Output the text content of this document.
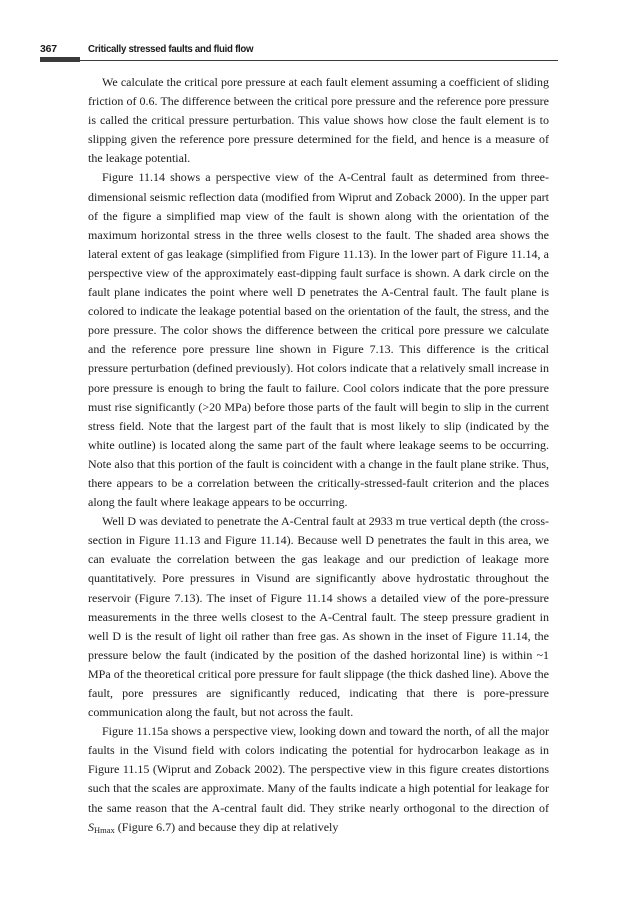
367	Critically stressed faults and fluid flow

We calculate the critical pore pressure at each fault element assuming a coefficient of sliding friction of 0.6. The difference between the critical pore pressure and the reference pore pressure is called the critical pressure perturbation. This value shows how close the fault element is to slipping given the reference pore pressure determined for the field, and hence is a measure of the leakage potential.

Figure 11.14 shows a perspective view of the A-Central fault as determined from three-dimensional seismic reflection data (modified from Wiprut and Zoback 2000). In the upper part of the figure a simplified map view of the fault is shown along with the orientation of the maximum horizontal stress in the three wells closest to the fault. The shaded area shows the lateral extent of gas leakage (simplified from Figure 11.13). In the lower part of Figure 11.14, a perspective view of the approximately east-dipping fault surface is shown. A dark circle on the fault plane indicates the point where well D penetrates the A-Central fault. The fault plane is colored to indicate the leakage potential based on the orientation of the fault, the stress, and the pore pressure. The color shows the difference between the critical pore pressure we calculate and the reference pore pressure line shown in Figure 7.13. This difference is the critical pressure perturbation (defined previously). Hot colors indicate that a relatively small increase in pore pressure is enough to bring the fault to failure. Cool colors indicate that the pore pressure must rise significantly (>20 MPa) before those parts of the fault will begin to slip in the current stress field. Note that the largest part of the fault that is most likely to slip (indicated by the white outline) is located along the same part of the fault where leakage seems to be occurring. Note also that this portion of the fault is coincident with a change in the fault plane strike. Thus, there appears to be a correlation between the critically-stressed-fault criterion and the places along the fault where leakage appears to be occurring.

Well D was deviated to penetrate the A-Central fault at 2933 m true vertical depth (the cross-section in Figure 11.13 and Figure 11.14). Because well D penetrates the fault in this area, we can evaluate the correlation between the gas leakage and our prediction of leakage more quantitatively. Pore pressures in Visund are significantly above hydrostatic throughout the reservoir (Figure 7.13). The inset of Figure 11.14 shows a detailed view of the pore-pressure measurements in the three wells closest to the A-Central fault. The steep pressure gradient in well D is the result of light oil rather than free gas. As shown in the inset of Figure 11.14, the pressure below the fault (indicated by the position of the dashed horizontal line) is within ~1 MPa of the theoretical critical pore pressure for fault slippage (the thick dashed line). Above the fault, pore pressures are significantly reduced, indicating that there is pore-pressure communication along the fault, but not across the fault.

Figure 11.15a shows a perspective view, looking down and toward the north, of all the major faults in the Visund field with colors indicating the potential for hydrocarbon leakage as in Figure 11.15 (Wiprut and Zoback 2002). The perspective view in this figure creates distortions such that the scales are approximate. Many of the faults indicate a high potential for leakage for the same reason that the A-central fault did. They strike nearly orthogonal to the direction of $S_{Hmax}$ (Figure 6.7) and because they dip at relatively
